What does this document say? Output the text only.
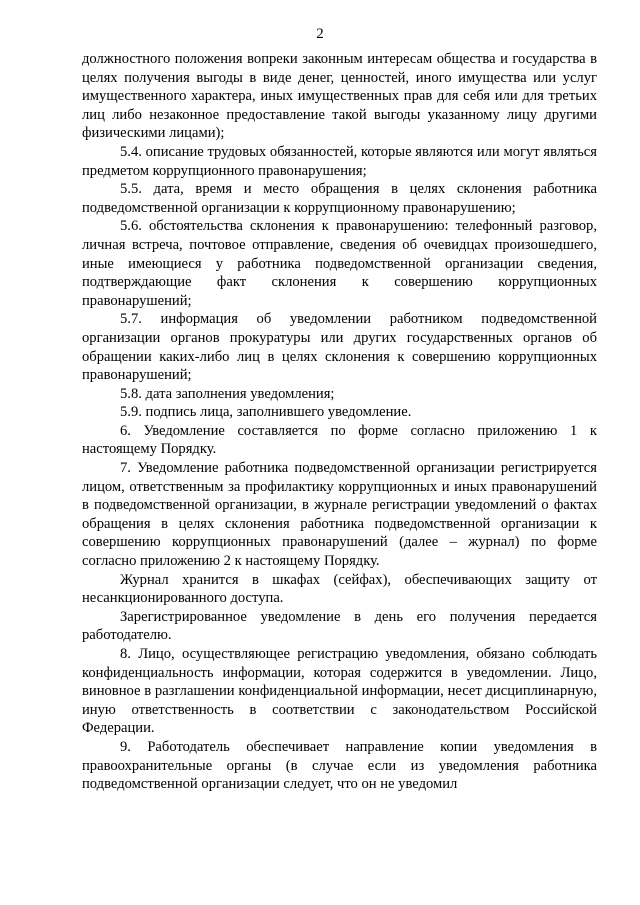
2

должностного положения вопреки законным интересам общества и государства в целях получения выгоды в виде денег, ценностей, иного имущества или услуг имущественного характера, иных имущественных прав для себя или для третьих лиц либо незаконное предоставление такой выгоды указанному лицу другими физическими лицами);

5.4. описание трудовых обязанностей, которые являются или могут являться предметом коррупционного правонарушения;

5.5. дата, время и место обращения в целях склонения работника подведомственной организации к коррупционному правонарушению;

5.6. обстоятельства склонения к правонарушению: телефонный разговор, личная встреча, почтовое отправление, сведения об очевидцах произошедшего, иные имеющиеся у работника подведомственной организации сведения, подтверждающие факт склонения к совершению коррупционных правонарушений;

5.7. информация об уведомлении работником подведомственной организации органов прокуратуры или других государственных органов об обращении каких-либо лиц в целях склонения к совершению коррупционных правонарушений;

5.8. дата заполнения уведомления;

5.9. подпись лица, заполнившего уведомление.

6. Уведомление составляется по форме согласно приложению 1 к настоящему Порядку.

7. Уведомление работника подведомственной организации регистрируется лицом, ответственным за профилактику коррупционных и иных правонарушений в подведомственной организации, в журнале регистрации уведомлений о фактах обращения в целях склонения работника подведомственной организации к совершению коррупционных правонарушений (далее – журнал) по форме согласно приложению 2 к настоящему Порядку.

Журнал хранится в шкафах (сейфах), обеспечивающих защиту от несанкционированного доступа.

Зарегистрированное уведомление в день его получения передается работодателю.

8. Лицо, осуществляющее регистрацию уведомления, обязано соблюдать конфиденциальность информации, которая содержится в уведомлении. Лицо, виновное в разглашении конфиденциальной информации, несет дисциплинарную, иную ответственность в соответствии с законодательством Российской Федерации.

9. Работодатель обеспечивает направление копии уведомления в правоохранительные органы (в случае если из уведомления работника подведомственной организации следует, что он не уведомил
